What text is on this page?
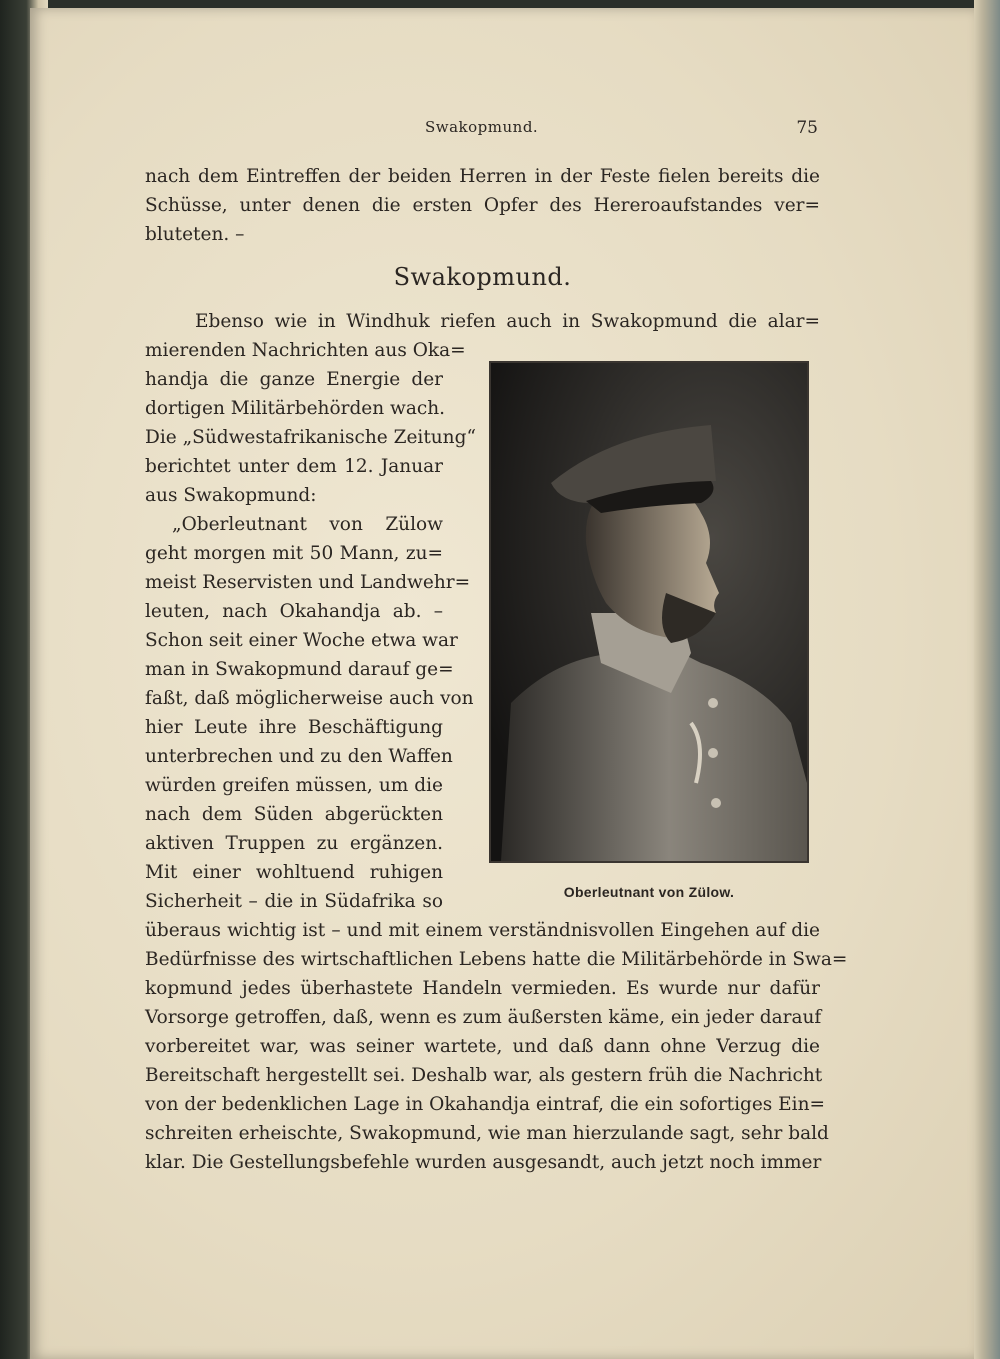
Swakopmund.	75
nach dem Eintreffen der beiden Herren in der Feste fielen bereits die
Schüsse, unter denen die ersten Opfer des Hereroaufstandes ver=
bluteten. –
Swakopmund.
Ebenso wie in Windhuk riefen auch in Swakopmund die alar=
mierenden Nachrichten aus Oka=
handja die ganze Energie der
dortigen Militärbehörden wach.
Die „Südwestafrikanische Zeitung“
berichtet unter dem 12. Januar
aus Swakopmund:
„Oberleutnant von Zülow
geht morgen mit 50 Mann, zu=
meist Reservisten und Landwehr=
leuten, nach Okahandja ab. –
Schon seit einer Woche etwa war
man in Swakopmund darauf ge=
faßt, daß möglicherweise auch von
hier Leute ihre Beschäftigung
unterbrechen und zu den Waffen
würden greifen müssen, um die
nach dem Süden abgerückten
aktiven Truppen zu ergänzen.
Mit einer wohltuend ruhigen
Sicherheit – die in Südafrika so
überaus wichtig ist – und mit einem verständnisvollen Eingehen auf die
Bedürfnisse des wirtschaftlichen Lebens hatte die Militärbehörde in Swa=
kopmund jedes überhastete Handeln vermieden. Es wurde nur dafür
Vorsorge getroffen, daß, wenn es zum äußersten käme, ein jeder darauf
vorbereitet war, was seiner wartete, und daß dann ohne Verzug die
Bereitschaft hergestellt sei. Deshalb war, als gestern früh die Nachricht
von der bedenklichen Lage in Okahandja eintraf, die ein sofortiges Ein=
schreiten erheischte, Swakopmund, wie man hierzulande sagt, sehr bald
klar. Die Gestellungsbefehle wurden ausgesandt, auch jetzt noch immer
Oberleutnant von Zülow.
